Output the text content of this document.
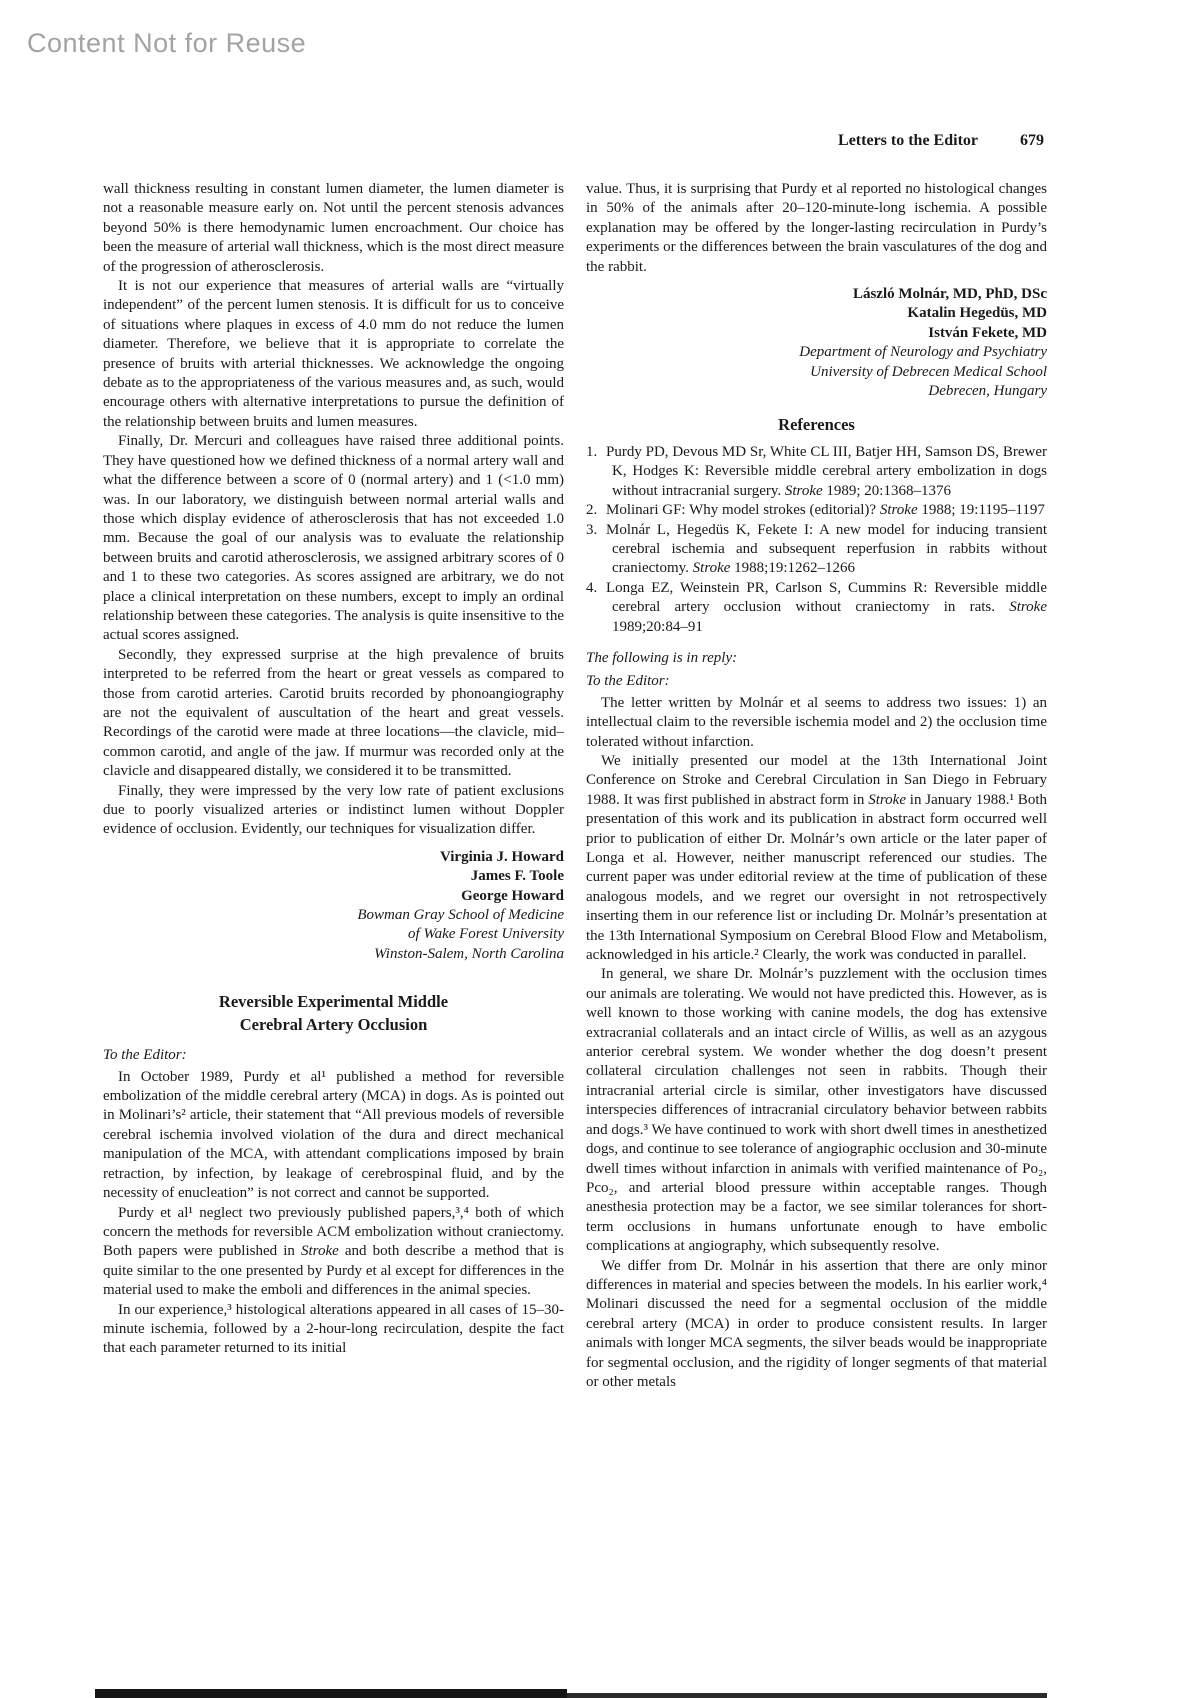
Content Not for Reuse
Letters to the Editor	679

wall thickness resulting in constant lumen diameter, the lumen diameter is not a reasonable measure early on. Not until the percent stenosis advances beyond 50% is there hemodynamic lumen encroachment. Our choice has been the measure of arterial wall thickness, which is the most direct measure of the progression of atherosclerosis.

It is not our experience that measures of arterial walls are “virtually independent” of the percent lumen stenosis. It is difficult for us to conceive of situations where plaques in excess of 4.0 mm do not reduce the lumen diameter. Therefore, we believe that it is appropriate to correlate the presence of bruits with arterial thicknesses. We acknowledge the ongoing debate as to the appropriateness of the various measures and, as such, would encourage others with alternative interpretations to pursue the definition of the relationship between bruits and lumen measures.

Finally, Dr. Mercuri and colleagues have raised three additional points. They have questioned how we defined thickness of a normal artery wall and what the difference between a score of 0 (normal artery) and 1 (<1.0 mm) was. In our laboratory, we distinguish between normal arterial walls and those which display evidence of atherosclerosis that has not exceeded 1.0 mm. Because the goal of our analysis was to evaluate the relationship between bruits and carotid atherosclerosis, we assigned arbitrary scores of 0 and 1 to these two categories. As scores assigned are arbitrary, we do not place a clinical interpretation on these numbers, except to imply an ordinal relationship between these categories. The analysis is quite insensitive to the actual scores assigned.

Secondly, they expressed surprise at the high prevalence of bruits interpreted to be referred from the heart or great vessels as compared to those from carotid arteries. Carotid bruits recorded by phonoangiography are not the equivalent of auscultation of the heart and great vessels. Recordings of the carotid were made at three locations—the clavicle, mid–common carotid, and angle of the jaw. If murmur was recorded only at the clavicle and disappeared distally, we considered it to be transmitted.

Finally, they were impressed by the very low rate of patient exclusions due to poorly visualized arteries or indistinct lumen without Doppler evidence of occlusion. Evidently, our techniques for visualization differ.

Virginia J. Howard
James F. Toole
George Howard
Bowman Gray School of Medicine
of Wake Forest University
Winston-Salem, North Carolina
Reversible Experimental Middle
Cerebral Artery Occlusion

To the Editor:

In October 1989, Purdy et al¹ published a method for reversible embolization of the middle cerebral artery (MCA) in dogs. As is pointed out in Molinari’s² article, their statement that “All previous models of reversible cerebral ischemia involved violation of the dura and direct mechanical manipulation of the MCA, with attendant complications imposed by brain retraction, by infection, by leakage of cerebrospinal fluid, and by the necessity of enucleation” is not correct and cannot be supported.

Purdy et al¹ neglect two previously published papers,³,⁴ both of which concern the methods for reversible ACM embolization without craniectomy. Both papers were published in Stroke and both describe a method that is quite similar to the one presented by Purdy et al except for differences in the material used to make the emboli and differences in the animal species.

In our experience,³ histological alterations appeared in all cases of 15–30-minute ischemia, followed by a 2-hour-long recirculation, despite the fact that each parameter returned to its initial

value. Thus, it is surprising that Purdy et al reported no histological changes in 50% of the animals after 20–120-minute-long ischemia. A possible explanation may be offered by the longer-lasting recirculation in Purdy’s experiments or the differences between the brain vasculatures of the dog and the rabbit.

László Molnár, MD, PhD, DSc
Katalin Hegedüs, MD
István Fekete, MD
Department of Neurology and Psychiatry
University of Debrecen Medical School
Debrecen, Hungary
References

1. Purdy PD, Devous MD Sr, White CL III, Batjer HH, Samson DS, Brewer K, Hodges K: Reversible middle cerebral artery embolization in dogs without intracranial surgery. Stroke 1989; 20:1368–1376

2. Molinari GF: Why model strokes (editorial)? Stroke 1988; 19:1195–1197

3. Molnár L, Hegedüs K, Fekete I: A new model for inducing transient cerebral ischemia and subsequent reperfusion in rabbits without craniectomy. Stroke 1988;19:1262–1266

4. Longa EZ, Weinstein PR, Carlson S, Cummins R: Reversible middle cerebral artery occlusion without craniectomy in rats. Stroke 1989;20:84–91

The following is in reply:

To the Editor:

The letter written by Molnár et al seems to address two issues: 1) an intellectual claim to the reversible ischemia model and 2) the occlusion time tolerated without infarction.

We initially presented our model at the 13th International Joint Conference on Stroke and Cerebral Circulation in San Diego in February 1988. It was first published in abstract form in Stroke in January 1988.¹ Both presentation of this work and its publication in abstract form occurred well prior to publication of either Dr. Molnár’s own article or the later paper of Longa et al. However, neither manuscript referenced our studies. The current paper was under editorial review at the time of publication of these analogous models, and we regret our oversight in not retrospectively inserting them in our reference list or including Dr. Molnár’s presentation at the 13th International Symposium on Cerebral Blood Flow and Metabolism, acknowledged in his article.² Clearly, the work was conducted in parallel.

In general, we share Dr. Molnár’s puzzlement with the occlusion times our animals are tolerating. We would not have predicted this. However, as is well known to those working with canine models, the dog has extensive extracranial collaterals and an intact circle of Willis, as well as an azygous anterior cerebral system. We wonder whether the dog doesn’t present collateral circulation challenges not seen in rabbits. Though their intracranial arterial circle is similar, other investigators have discussed interspecies differences of intracranial circulatory behavior between rabbits and dogs.³ We have continued to work with short dwell times in anesthetized dogs, and continue to see tolerance of angiographic occlusion and 30-minute dwell times without infarction in animals with verified maintenance of Po₂, Pco₂, and arterial blood pressure within acceptable ranges. Though anesthesia protection may be a factor, we see similar tolerances for short-term occlusions in humans unfortunate enough to have embolic complications at angiography, which subsequently resolve.

We differ from Dr. Molnár in his assertion that there are only minor differences in material and species between the models. In his earlier work,⁴ Molinari discussed the need for a segmental occlusion of the middle cerebral artery (MCA) in order to produce consistent results. In larger animals with longer MCA segments, the silver beads would be inappropriate for segmental occlusion, and the rigidity of longer segments of that material or other metals
